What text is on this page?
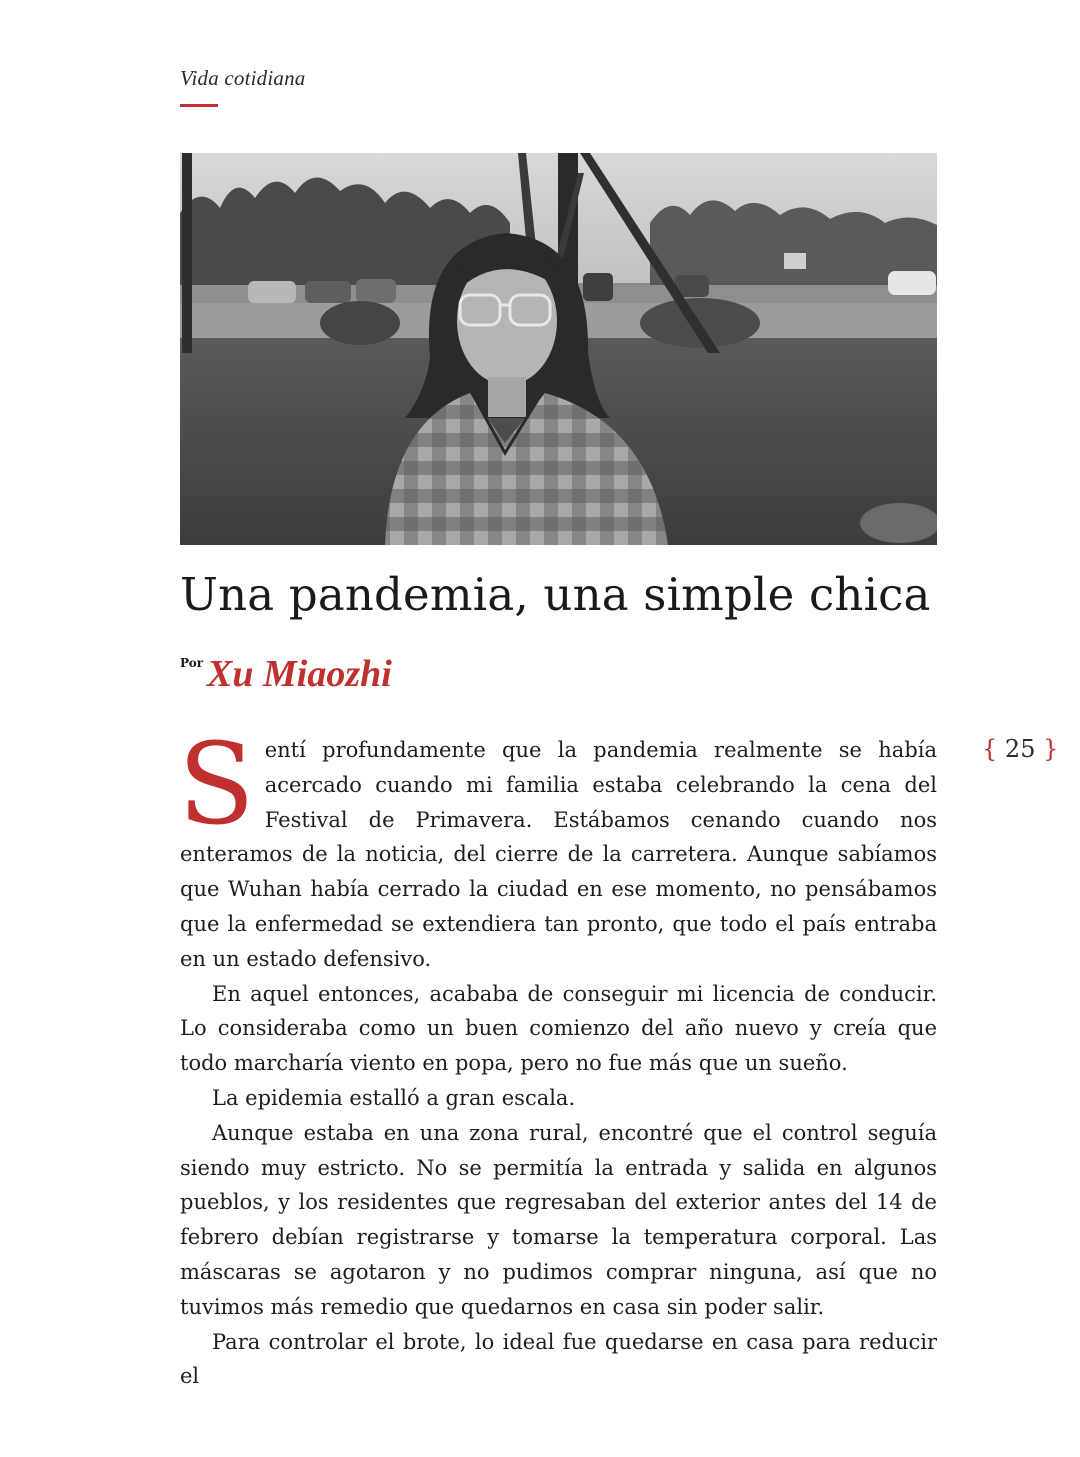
Vida cotidiana
Una pandemia, una simple chica
Por Xu Miaozhi
{ 25 }

Sentí profundamente que la pandemia realmente se había acercado cuando mi familia estaba celebrando la cena del Festival de Primavera. Estábamos cenando cuando nos enteramos de la noticia, del cierre de la carretera. Aunque sabíamos que Wuhan había cerrado la ciudad en ese momento, no pensábamos que la enfermedad se extendiera tan pronto, que todo el país entraba en un estado defensivo.

En aquel entonces, acababa de conseguir mi licencia de conducir. Lo consideraba como un buen comienzo del año nuevo y creía que todo marcharía viento en popa, pero no fue más que un sueño.

La epidemia estalló a gran escala.

Aunque estaba en una zona rural, encontré que el control seguía siendo muy estricto. No se permitía la entrada y salida en algunos pueblos, y los residentes que regresaban del exterior antes del 14 de febrero debían registrarse y tomarse la temperatura corporal. Las máscaras se agotaron y no pudimos comprar ninguna, así que no tuvimos más remedio que quedarnos en casa sin poder salir.

Para controlar el brote, lo ideal fue quedarse en casa para reducir el
